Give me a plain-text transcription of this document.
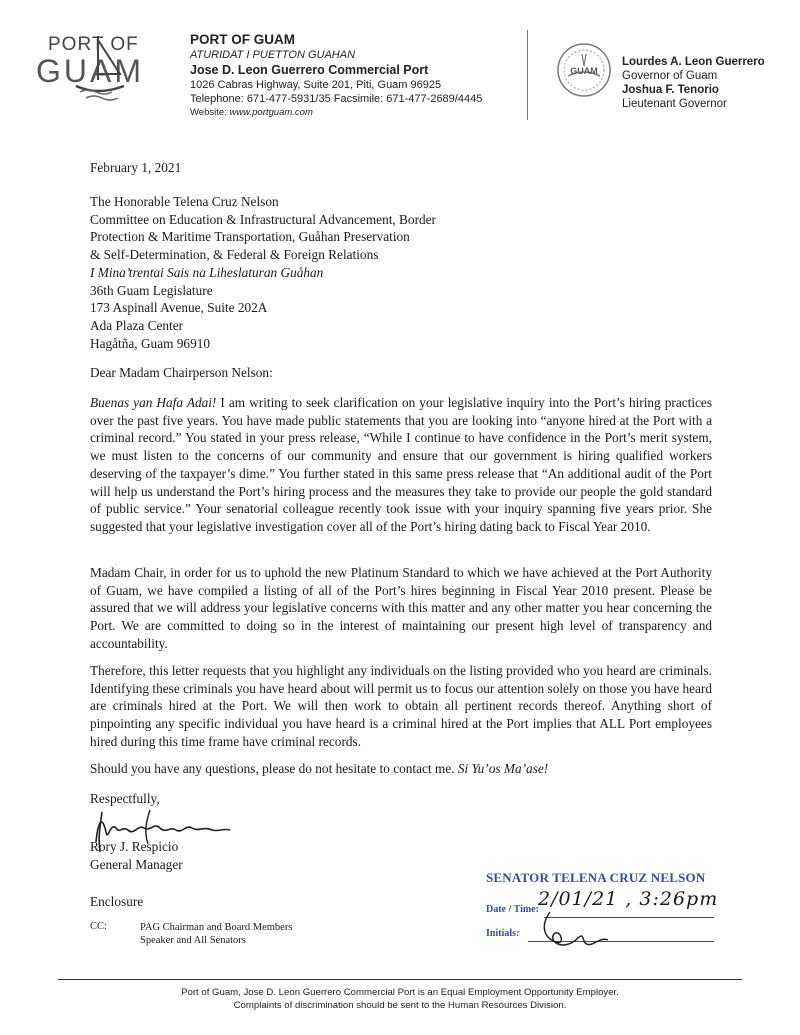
PORT OF
GUAM
PORT OF GUAM
ATURIDAT I PUETTON GUAHAN
Jose D. Leon Guerrero Commercial Port
1026 Cabras Highway, Suite 201, Piti, Guam 96925
Telephone: 671-477-5931/35 Facsimile: 671-477-2689/4445
Website: www.portguam.com
GUAM
Lourdes A. Leon Guerrero
Governor of Guam
Joshua F. Tenorio
Lieutenant Governor
February 1, 2021
The Honorable Telena Cruz Nelson
Committee on Education & Infrastructural Advancement, Border
Protection & Maritime Transportation, Guåhan Preservation
& Self-Determination, & Federal & Foreign Relations
I Mina’trentai Sais na Liheslaturan Guåhan
36th Guam Legislature
173 Aspinall Avenue, Suite 202A
Ada Plaza Center
Hagåtña, Guam 96910
Dear Madam Chairperson Nelson:

Buenas yan Hafa Adai! I am writing to seek clarification on your legislative inquiry into the Port’s hiring practices over the past five years. You have made public statements that you are looking into “anyone hired at the Port with a criminal record.” You stated in your press release, “While I continue to have confidence in the Port’s merit system, we must listen to the concerns of our community and ensure that our government is hiring qualified workers deserving of the taxpayer’s dime.” You further stated in this same press release that “An additional audit of the Port will help us understand the Port’s hiring process and the measures they take to provide our people the gold standard of public service.” Your senatorial colleague recently took issue with your inquiry spanning five years prior. She suggested that your legislative investigation cover all of the Port’s hiring dating back to Fiscal Year 2010.

Madam Chair, in order for us to uphold the new Platinum Standard to which we have achieved at the Port Authority of Guam, we have compiled a listing of all of the Port’s hires beginning in Fiscal Year 2010 present. Please be assured that we will address your legislative concerns with this matter and any other matter you hear concerning the Port. We are committed to doing so in the interest of maintaining our present high level of transparency and accountability.

Therefore, this letter requests that you highlight any individuals on the listing provided who you heard are criminals. Identifying these criminals you have heard about will permit us to focus our attention solely on those you have heard are criminals hired at the Port. We will then work to obtain all pertinent records thereof. Anything short of pinpointing any specific individual you have heard is a criminal hired at the Port implies that ALL Port employees hired during this time frame have criminal records.

Should you have any questions, please do not hesitate to contact me. Si Yu’os Ma’ase!

Respectfully,
Rory J. Respicio
General Manager
Enclosure
CC:	PAG Chairman and Board Members
Speaker and All Senators
SENATOR TELENA CRUZ NELSON
Date / Time: 2/01/21 , 3:26pm
Initials:
Port of Guam, Jose D. Leon Guerrero Commercial Port is an Equal Employment Opportunity Employer.
Complaints of discrimination should be sent to the Human Resources Division.
